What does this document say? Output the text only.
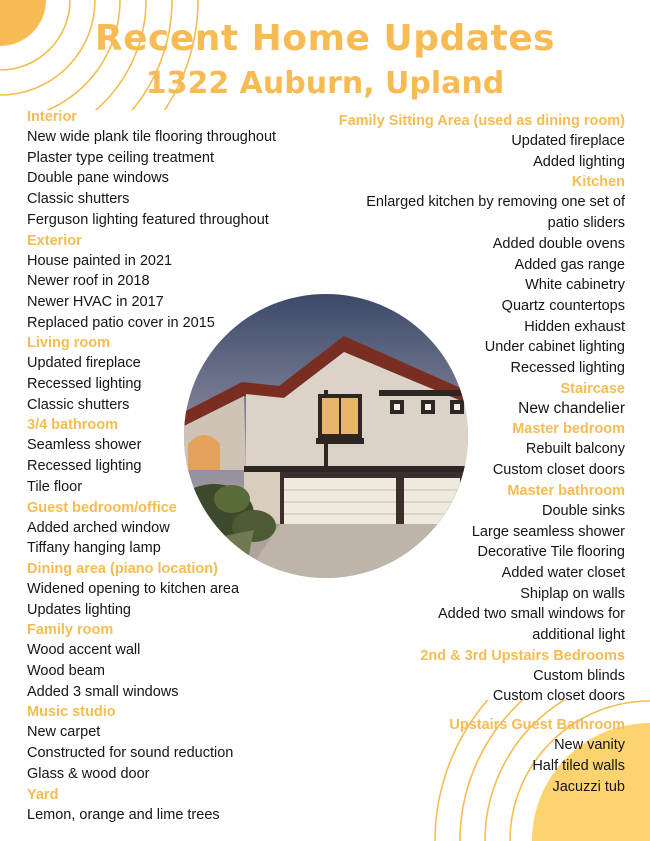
Recent Home Updates
1322 Auburn, Upland
Interior
New wide plank tile flooring throughout
Plaster type ceiling treatment
Double pane windows
Classic shutters
Ferguson lighting featured throughout
Exterior
House painted in 2021
Newer roof in 2018
Newer HVAC in 2017
Replaced patio cover in 2015
Living room
Updated fireplace
Recessed lighting
Classic shutters
3/4 bathroom
Seamless shower
Recessed lighting
Tile floor
Guest bedroom/office
Added arched window
Tiffany hanging lamp
Dining area (piano location)
Widened opening to kitchen area
Updates lighting
Family room
Wood accent wall
Wood beam
Added 3 small windows
Music studio
New carpet
Constructed for sound reduction
Glass & wood door
Yard
Lemon, orange and lime trees
Family Sitting Area (used as dining room)
Updated fireplace
Added lighting
Kitchen
Enlarged kitchen by removing one set of
patio sliders
Added double ovens
Added gas range
White cabinetry
Quartz countertops
Hidden exhaust
Under cabinet lighting
Recessed lighting
Staircase
New chandelier
Master bedroom
Rebuilt balcony
Custom closet doors
Master bathroom
Double sinks
Large seamless shower
Decorative Tile flooring
Added water closet
Shiplap on walls
Added two small windows for
additional light
2nd & 3rd Upstairs Bedrooms
Custom blinds
Custom closet doors
Upstairs Guest Bathroom
New vanity
Half tiled walls
Jacuzzi tub
